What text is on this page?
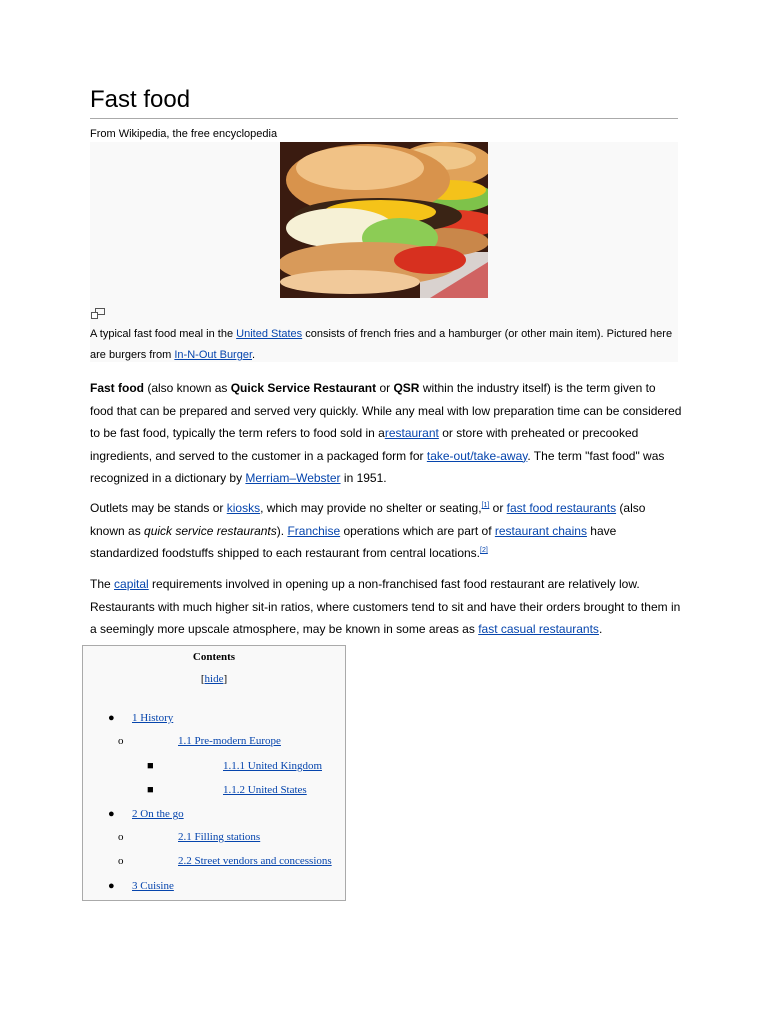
Fast food
From Wikipedia, the free encyclopedia
A typical fast food meal in the United States consists of french fries and a hamburger (or other main item). Pictured here are burgers from In-N-Out Burger.

Fast food (also known as Quick Service Restaurant or QSR within the industry itself) is the term given to food that can be prepared and served very quickly. While any meal with low preparation time can be considered to be fast food, typically the term refers to food sold in arestaurant or store with preheated or precooked ingredients, and served to the customer in a packaged form for take-out/take-away. The term "fast food" was recognized in a dictionary by Merriam–Webster in 1951.

Outlets may be stands or kiosks, which may provide no shelter or seating,[1] or fast food restaurants (also known as quick service restaurants). Franchise operations which are part of restaurant chains have standardized foodstuffs shipped to each restaurant from central locations.[2]

The capital requirements involved in opening up a non-franchised fast food restaurant are relatively low. Restaurants with much higher sit-in ratios, where customers tend to sit and have their orders brought to them in a seemingly more upscale atmosphere, may be known in some areas as fast casual restaurants.

Contents
[hide]
● 1 History
o	1.1 Pre-modern Europe
■	1.1.1 United Kingdom
■	1.1.2 United States
● 2 On the go
o	2.1 Filling stations
o	2.2 Street vendors and concessions
● 3 Cuisine
